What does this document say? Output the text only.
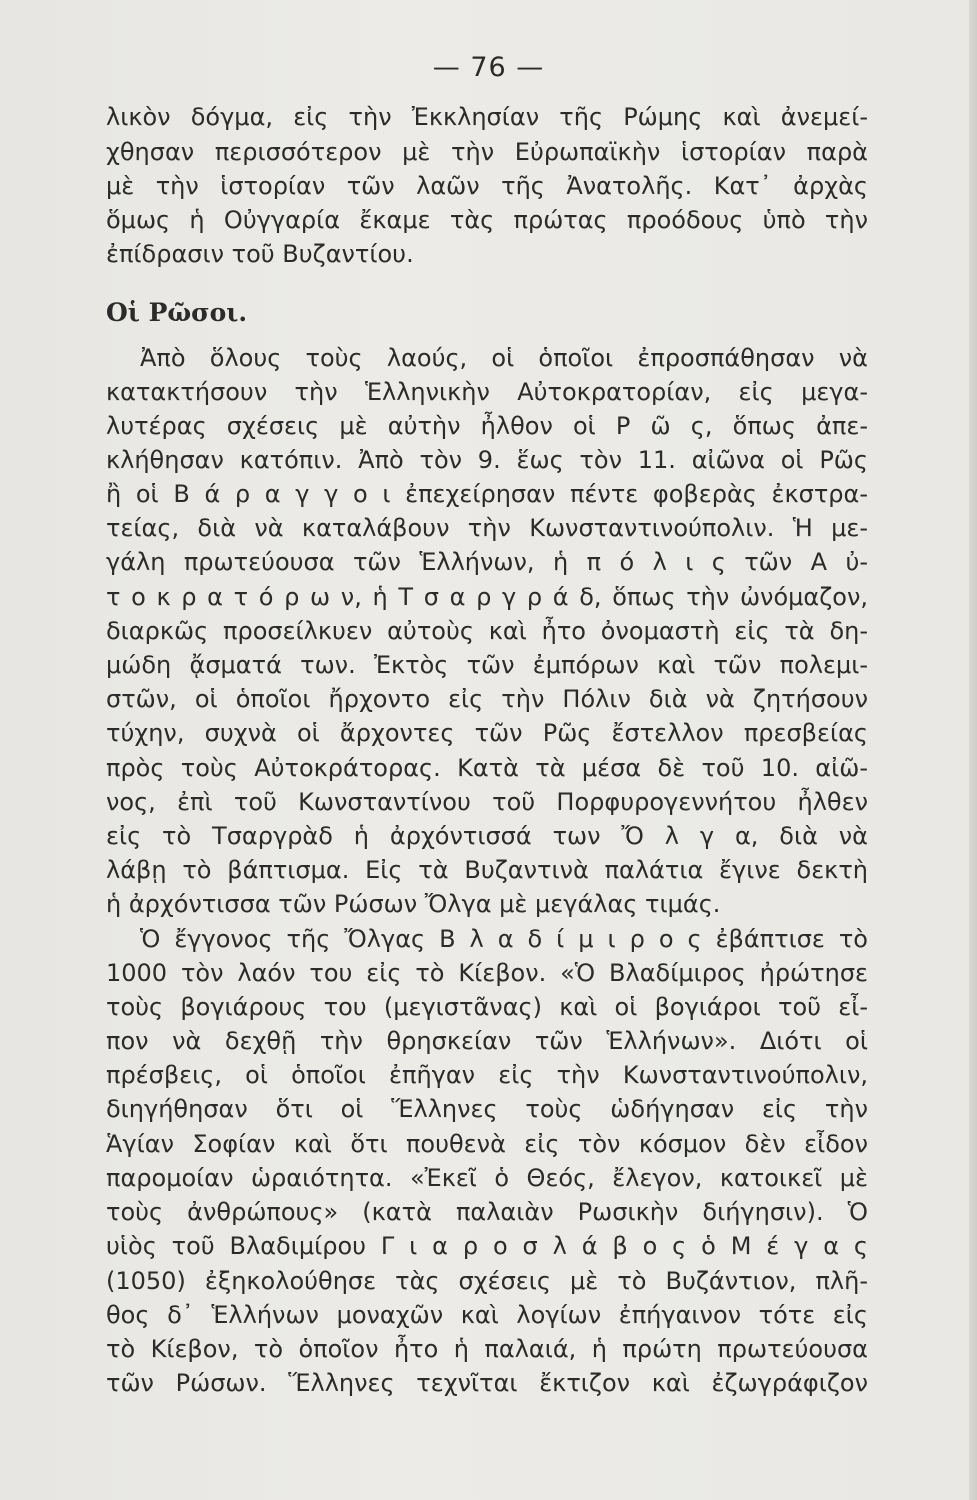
— 76 —
λικὸν δόγμα, εἰς τὴν Ἐκκλησίαν τῆς Ρώμης καὶ ἀνεμεί-
χθησαν περισσότερον μὲ τὴν Εὐρωπαϊκὴν ἱστορίαν παρὰ
μὲ τὴν ἱστορίαν τῶν λαῶν τῆς Ἀνατολῆς. Κατ᾽ ἀρχὰς
ὅμως ἡ Οὐγγαρία ἔκαμε τὰς πρώτας προόδους ὑπὸ τὴν
ἐπίδρασιν τοῦ Βυζαντίου.
Οἱ Ρῶσοι.
Ἀπὸ ὅλους τοὺς λαούς, οἱ ὁποῖοι ἐπροσπάθησαν νὰ
κατακτήσουν τὴν Ἑλληνικὴν Αὐτοκρατορίαν, εἰς μεγα-
λυτέρας σχέσεις μὲ αὐτὴν ἦλθον οἱ Ρ ῶ ς, ὅπως ἀπε-
κλήθησαν κατόπιν. Ἀπὸ τὸν 9. ἕως τὸν 11. αἰῶνα οἱ Ρῶς
ἢ οἱ Β ά ρ α γ γ ο ι ἐπεχείρησαν πέντε φοβερὰς ἐκστρα-
τείας, διὰ νὰ καταλάβουν τὴν Κωνσταντινούπολιν. Ἡ με-
γάλη πρωτεύουσα τῶν Ἑλλήνων, ἡ π ό λ ι ς τῶν Α ὐ-
τ ο κ ρ α τ ό ρ ω ν, ἡ Τ σ α ρ γ ρ ά δ, ὅπως τὴν ὠνόμαζον,
διαρκῶς προσείλκυεν αὐτοὺς καὶ ἦτο ὀνομαστὴ εἰς τὰ δη-
μώδη ᾄσματά των. Ἐκτὸς τῶν ἐμπόρων καὶ τῶν πολεμι-
στῶν, οἱ ὁποῖοι ἤρχοντο εἰς τὴν Πόλιν διὰ νὰ ζητήσουν
τύχην, συχνὰ οἱ ἄρχοντες τῶν Ρῶς ἔστελλον πρεσβείας
πρὸς τοὺς Αὐτοκράτορας. Κατὰ τὰ μέσα δὲ τοῦ 10. αἰῶ-
νος, ἐπὶ τοῦ Κωνσταντίνου τοῦ Πορφυρογεννήτου ἦλθεν
εἰς τὸ Τσαργρὰδ ἡ ἀρχόντισσά των Ὄ λ γ α, διὰ νὰ
λάβῃ τὸ βάπτισμα. Εἰς τὰ Βυζαντινὰ παλάτια ἔγινε δεκτὴ
ἡ ἀρχόντισσα τῶν Ρώσων Ὄλγα μὲ μεγάλας τιμάς.
Ὁ ἔγγονος τῆς Ὄλγας Β λ α δ ί μ ι ρ ο ς ἐβάπτισε τὸ
1000 τὸν λαόν του εἰς τὸ Κίεβον. «Ὁ Βλαδίμιρος ἠρώτησε
τοὺς βογιάρους του (μεγιστᾶνας) καὶ οἱ βογιάροι τοῦ εἶ-
πον νὰ δεχθῇ τὴν θρησκείαν τῶν Ἑλλήνων». Διότι οἱ
πρέσβεις, οἱ ὁποῖοι ἐπῆγαν εἰς τὴν Κωνσταντινούπολιν,
διηγήθησαν ὅτι οἱ Ἕλληνες τοὺς ὡδήγησαν εἰς τὴν
Ἁγίαν Σοφίαν καὶ ὅτι πουθενὰ εἰς τὸν κόσμον δὲν εἶδον
παρομοίαν ὡραιότητα. «Ἐκεῖ ὁ Θεός, ἔλεγον, κατοικεῖ μὲ
τοὺς ἀνθρώπους» (κατὰ παλαιὰν Ρωσικὴν διήγησιν). Ὁ
υἱὸς τοῦ Βλαδιμίρου Γ ι α ρ ο σ λ ά β ο ς ὁ Μ έ γ α ς
(1050) ἐξηκολούθησε τὰς σχέσεις μὲ τὸ Βυζάντιον, πλῆ-
θος δ᾽ Ἑλλήνων μοναχῶν καὶ λογίων ἐπήγαινον τότε εἰς
τὸ Κίεβον, τὸ ὁποῖον ἦτο ἡ παλαιά, ἡ πρώτη πρωτεύουσα
τῶν Ρώσων. Ἕλληνες τεχνῖται ἔκτιζον καὶ ἐζωγράφιζον
